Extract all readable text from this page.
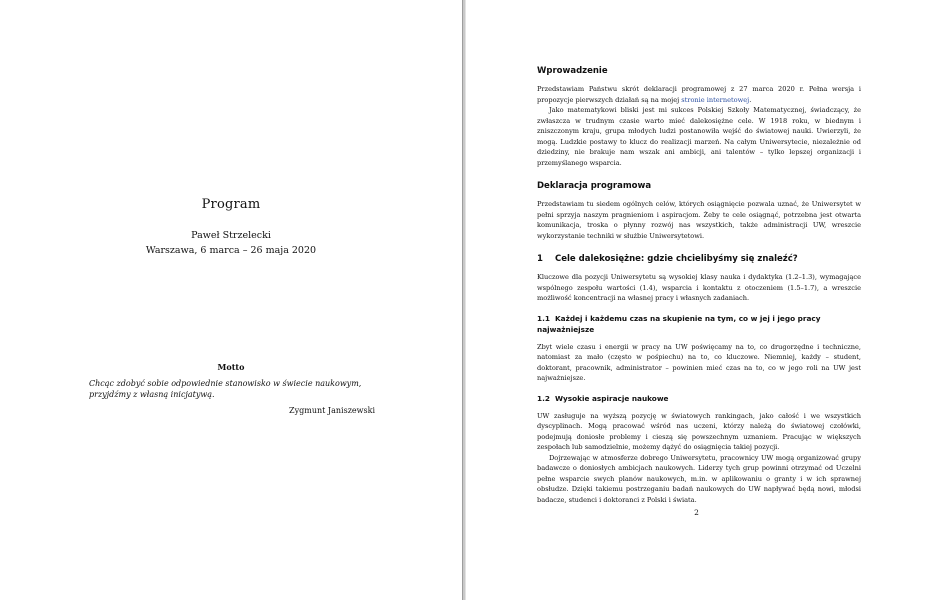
Program
Paweł Strzelecki
Warszawa, 6 marca – 26 maja 2020
Motto
Chcąc zdobyć sobie odpowiednie stanowisko w świecie naukowym, przyjdźmy z własną inicjatywą.
Zygmunt Janiszewski
Wprowadzenie

Przedstawiam Państwu skrót deklaracji programowej z 27 marca 2020 r. Pełna wersja i propozycje pierwszych działań są na mojej stronie internetowej.

Jako matematykowi bliski jest mi sukces Polskiej Szkoły Matematycznej, świadczący, że zwłaszcza w trudnym czasie warto mieć dalekosiężne cele. W 1918 roku, w biednym i zniszczonym kraju, grupa młodych ludzi postanowiła wejść do światowej nauki. Uwierzyli, że mogą. Ludzkie postawy to klucz do realizacji marzeń. Na całym Uniwersytecie, niezależnie od dziedziny, nie brakuje nam wszak ani ambicji, ani talentów – tylko lepszej organizacji i przemyślanego wsparcia.

Deklaracja programowa

Przedstawiam tu siedem ogólnych celów, których osiągnięcie pozwala uznać, że Uniwersytet w pełni sprzyja naszym pragnieniom i aspiracjom. Żeby te cele osiągnąć, potrzebna jest otwarta komunikacja, troska o płynny rozwój nas wszystkich, także administracji UW, wreszcie wykorzystanie techniki w służbie Uniwersytetowi.

1 Cele dalekosiężne: gdzie chcielibyśmy się znaleźć?

Kluczowe dla pozycji Uniwersytetu są wysokiej klasy nauka i dydaktyka (1.2–1.3), wymagające wspólnego zespołu wartości (1.4), wsparcia i kontaktu z otoczeniem (1.5–1.7), a wreszcie możliwość koncentracji na własnej pracy i własnych zadaniach.

1.1 Każdej i każdemu czas na skupienie na tym, co w jej i jego pracy najważniejsze

Zbyt wiele czasu i energii w pracy na UW poświęcamy na to, co drugorzędne i techniczne, natomiast za mało (często w pośpiechu) na to, co kluczowe. Niemniej, każdy – student, doktorant, pracownik, administrator – powinien mieć czas na to, co w jego roli na UW jest najważniejsze.

1.2 Wysokie aspiracje naukowe

UW zasługuje na wyższą pozycję w światowych rankingach, jako całość i we wszystkich dyscyplinach. Mogą pracować wśród nas uczeni, którzy należą do światowej czołówki, podejmują doniosłe problemy i cieszą się powszechnym uznaniem. Pracując w większych zespołach lub samodzielnie, możemy dążyć do osiągnięcia takiej pozycji.

Dojrzewając w atmosferze dobrego Uniwersytetu, pracownicy UW mogą organizować grupy badawcze o doniosłych ambicjach naukowych. Liderzy tych grup powinni otrzymać od Uczelni pełne wsparcie swych planów naukowych, m.in. w aplikowaniu o granty i w ich sprawnej obsłudze. Dzięki takiemu postrzeganiu badań naukowych do UW napływać będą nowi, młodsi badacze, studenci i doktoranci z Polski i świata.

2
